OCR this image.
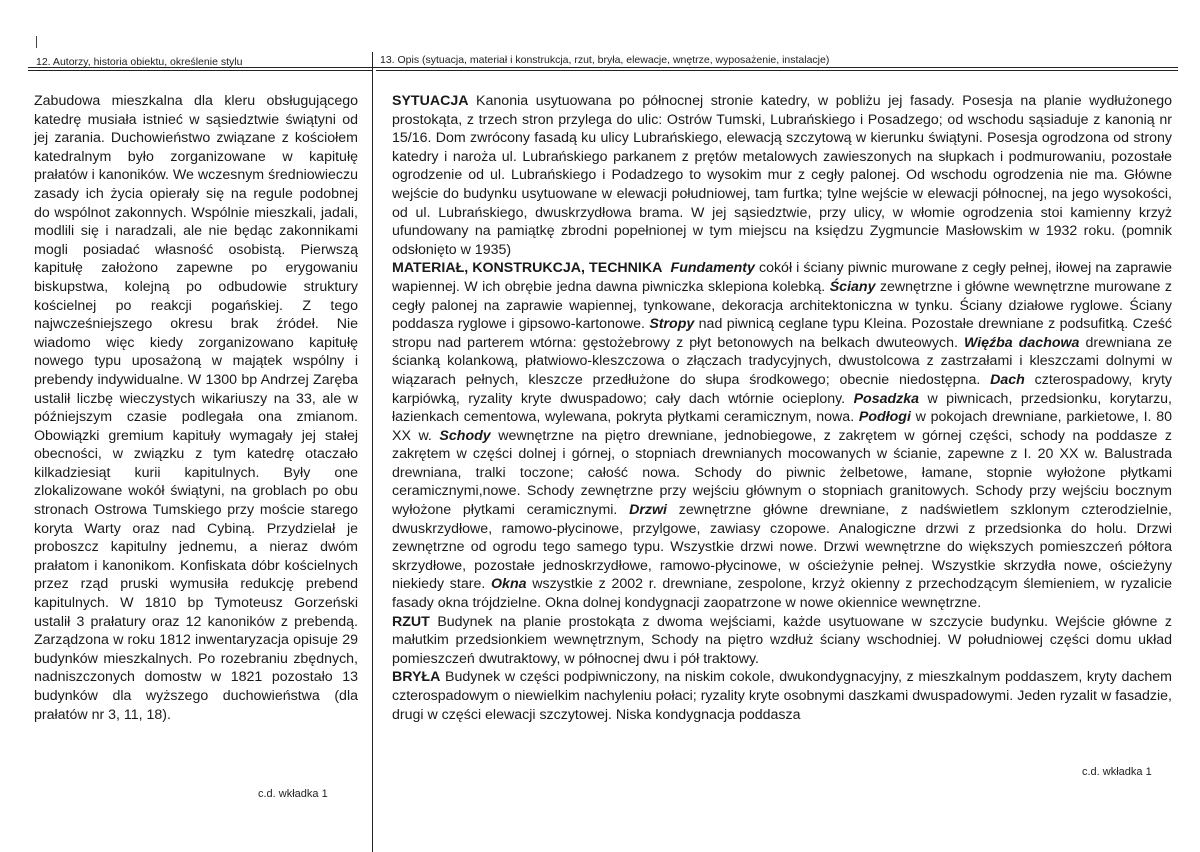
12. Autorzy, historia obiektu, określenie stylu	13. Opis (sytuacja, materiał i konstrukcja, rzut, bryła, elewacje, wnętrze, wyposażenie, instalacje)

Zabudowa mieszkalna dla kleru obsługującego katedrę musiała istnieć w sąsiedztwie świątyni od jej zarania. Duchowieństwo związane z kościołem katedralnym było zorganizowane w kapitułę prałatów i kanoników. We wczesnym średniowieczu zasady ich życia opierały się na regule podobnej do wspólnot zakonnych. Wspólnie mieszkali, jadali, modlili się i naradzali, ale nie będąc zakonnikami mogli posiadać własność osobistą. Pierwszą kapitułę założono zapewne po erygowaniu biskupstwa, kolejną po odbudowie struktury kościelnej po reakcji pogańskiej. Z tego najwcześniejszego okresu brak źródeł. Nie wiadomo więc kiedy zorganizowano kapitułę nowego typu uposażoną w majątek wspólny i prebendy indywidualne. W 1300 bp Andrzej Zaręba ustalił liczbę wieczystych wikariuszy na 33, ale w późniejszym czasie podlegała ona zmianom. Obowiązki gremium kapituły wymagały jej stałej obecności, w związku z tym katedrę otaczało kilkadziesiąt kurii kapitulnych. Były one zlokalizowane wokół świątyni, na groblach po obu stronach Ostrowa Tumskiego przy moście starego koryta Warty oraz nad Cybiną. Przydzielał je proboszcz kapitulny jednemu, a nieraz dwóm prałatom i kanonikom. Konfiskata dóbr kościelnych przez rząd pruski wymusiła redukcję prebend kapitulnych. W 1810 bp Tymoteusz Gorzeński ustalił 3 prałatury oraz 12 kanoników z prebendą. Zarządzona w roku 1812 inwentaryzacja opisuje 29 budynków mieszkalnych. Po rozebraniu zbędnych, nadniszczonych domostw w 1821 pozostało 13 budynków dla wyższego duchowieństwa (dla prałatów nr 3, 11, 18).

c.d. wkładka 1

SYTUACJA Kanonia usytuowana po północnej stronie katedry, w pobliżu jej fasady. Posesja na planie wydłużonego prostokąta, z trzech stron przylega do ulic: Ostrów Tumski, Lubrańskiego i Posadzego; od wschodu sąsiaduje z kanonią nr 15/16. Dom zwrócony fasadą ku ulicy Lubrańskiego, elewacją szczytową w kierunku świątyni. Posesja ogrodzona od strony katedry i naroża ul. Lubrańskiego parkanem z prętów metalowych zawieszonych na słupkach i podmurowaniu, pozostałe ogrodzenie od ul. Lubrańskiego i Podadzego to wysokim mur z cegły palonej. Od wschodu ogrodzenia nie ma. Główne wejście do budynku usytuowane w elewacji południowej, tam furtka; tylne wejście w elewacji północnej, na jego wysokości, od ul. Lubrańskiego, dwuskrzydłowa brama. W jej sąsiedztwie, przy ulicy, w włomie ogrodzenia stoi kamienny krzyż ufundowany na pamiątkę zbrodni popełnionej w tym miejscu na księdzu Zygmuncie Masłowskim w 1932 roku. (pomnik odsłonięto w 1935)

MATERIAŁ, KONSTRUKCJA, TECHNIKA Fundamenty cokół i ściany piwnic murowane z cegły pełnej, iłowej na zaprawie wapiennej. W ich obrębie jedna dawna piwniczka sklepiona kolebką. Ściany zewnętrzne i główne wewnętrzne murowane z cegły palonej na zaprawie wapiennej, tynkowane, dekoracja architektoniczna w tynku. Ściany działowe ryglowe. Ściany poddasza ryglowe i gipsowo-kartonowe. Stropy nad piwnicą ceglane typu Kleina. Pozostałe drewniane z podsufitką. Cześć stropu nad parterem wtórna: gęstożebrowy z płyt betonowych na belkach dwuteowych. Więźba dachowa drewniana ze ścianką kolankową, płatwiowo-kleszczowa o złączach tradycyjnych, dwustolcowa z zastrzałami i kleszczami dolnymi w wiązarach pełnych, kleszcze przedłużone do słupa środkowego; obecnie niedostępna. Dach czterospadowy, kryty karpiówką, ryzality kryte dwuspadowo; cały dach wtórnie ocieplony. Posadzka w piwnicach, przedsionku, korytarzu, łazienkach cementowa, wylewana, pokryta płytkami ceramicznym, nowa. Podłogi w pokojach drewniane, parkietowe, I. 80 XX w. Schody wewnętrzne na piętro drewniane, jednobiegowe, z zakrętem w górnej części, schody na poddasze z zakrętem w części dolnej i górnej, o stopniach drewnianych mocowanych w ścianie, zapewne z I. 20 XX w. Balustrada drewniana, tralki toczone; całość nowa. Schody do piwnic żelbetowe, łamane, stopnie wyłożone płytkami ceramicznymi,nowe. Schody zewnętrzne przy wejściu głównym o stopniach granitowych. Schody przy wejściu bocznym wyłożone płytkami ceramicznymi. Drzwi zewnętrzne główne drewniane, z nadświetlem szklonym czterodzielnie, dwuskrzydłowe, ramowo-płycinowe, przylgowe, zawiasy czopowe. Analogiczne drzwi z przedsionka do holu. Drzwi zewnętrzne od ogrodu tego samego typu. Wszystkie drzwi nowe. Drzwi wewnętrzne do większych pomieszczeń półtora skrzydłowe, pozostałe jednoskrzydłowe, ramowo-płycinowe, w ościeżynie pełnej. Wszystkie skrzydła nowe, ościeżyny niekiedy stare. Okna wszystkie z 2002 r. drewniane, zespolone, krzyż okienny z przechodzącym ślemieniem, w ryzalicie fasady okna trójdzielne. Okna dolnej kondygnacji zaopatrzone w nowe okiennice wewnętrzne.

RZUT Budynek na planie prostokąta z dwoma wejściami, każde usytuowane w szczycie budynku. Wejście główne z małutkim przedsionkiem wewnętrznym, Schody na piętro wzdłuż ściany wschodniej. W południowej części domu układ pomieszczeń dwutraktowy, w północnej dwu i pół traktowy.

BRYŁA Budynek w części podpiwniczony, na niskim cokole, dwukondygnacyjny, z mieszkalnym poddaszem, kryty dachem czterospadowym o niewielkim nachyleniu połaci; ryzality kryte osobnymi daszkami dwuspadowymi. Jeden ryzalit w fasadzie, drugi w części elewacji szczytowej. Niska kondygnacja poddasza

c.d. wkładka 1
